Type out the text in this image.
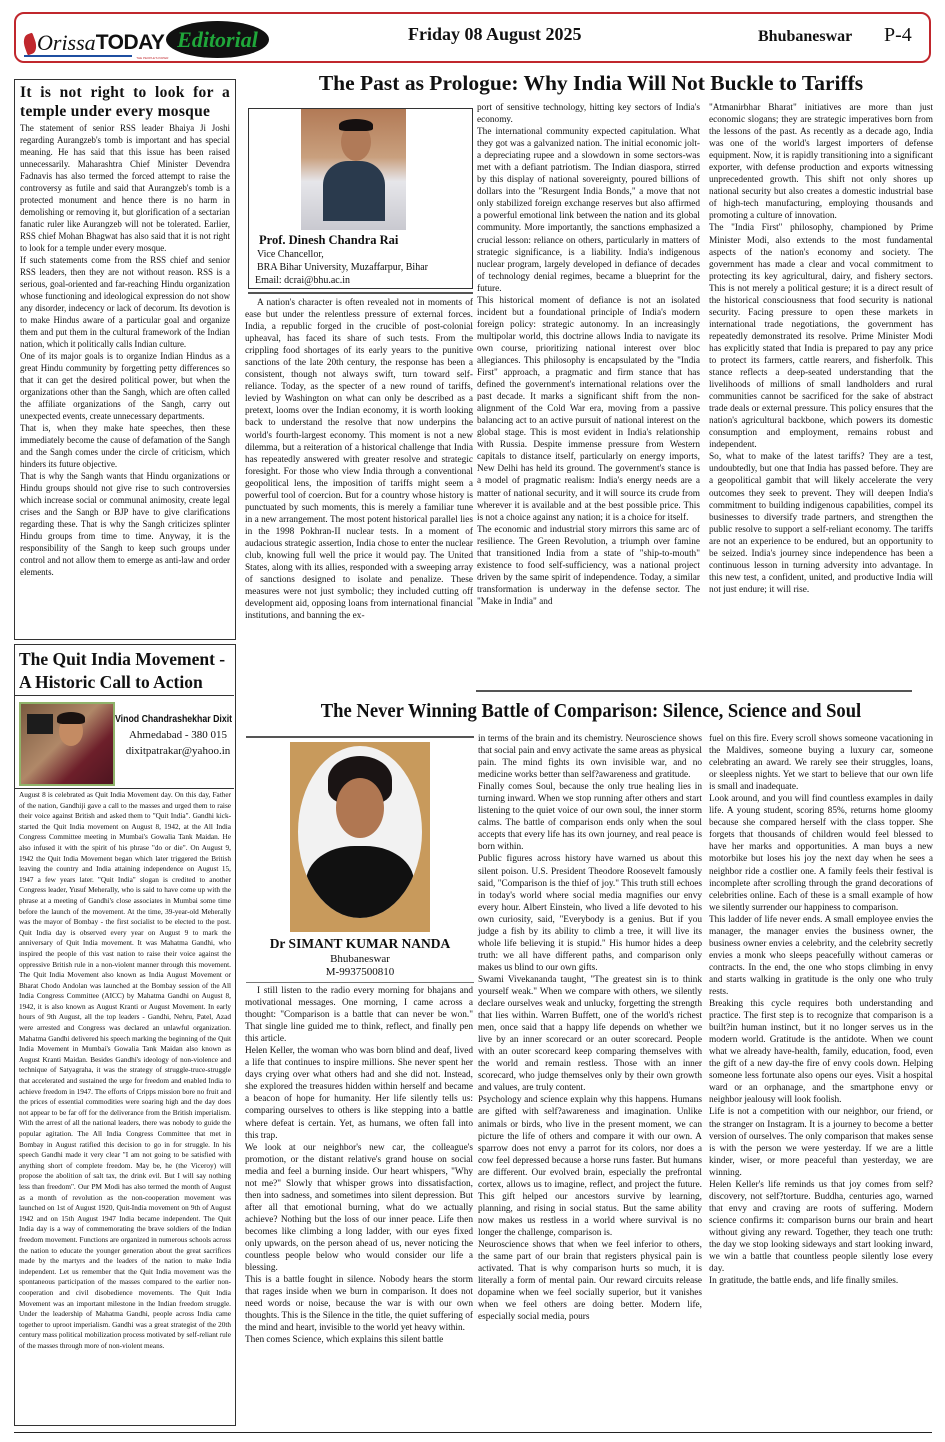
Orissa TODAY
THE PEOPLE'S PAPER
Editorial	Friday 08 August 2025	Bhubaneswar P-4
It is not right to look for a temple under every mosque

The statement of senior RSS leader Bhaiya Ji Joshi regarding Aurangzeb's tomb is important and has special meaning. He has said that this issue has been raised unnecessarily. Maharashtra Chief Minister Devendra Fadnavis has also termed the forced attempt to raise the controversy as futile and said that Aurangzeb's tomb is a protected monument and hence there is no harm in demolishing or removing it, but glorification of a sectarian fanatic ruler like Aurangzeb will not be tolerated. Earlier, RSS chief Mohan Bhagwat has also said that it is not right to look for a temple under every mosque.

If such statements come from the RSS chief and senior RSS leaders, then they are not without reason. RSS is a serious, goal-oriented and far-reaching Hindu organization whose functioning and ideological expression do not show any disorder, indecency or lack of decorum. Its devotion is to make Hindus aware of a particular goal and organize them and put them in the cultural framework of the Indian nation, which it politically calls Indian culture.

One of its major goals is to organize Indian Hindus as a great Hindu community by forgetting petty differences so that it can get the desired political power, but when the organizations other than the Sangh, which are often called the affiliate organizations of the Sangh, carry out unexpected events, create unnecessary departments.

That is, when they make hate speeches, then these immediately become the cause of defamation of the Sangh and the Sangh comes under the circle of criticism, which hinders its future objective.

That is why the Sangh wants that Hindu organizations or Hindu groups should not give rise to such controversies which increase social or communal animosity, create legal crises and the Sangh or BJP have to give clarifications regarding these. That is why the Sangh criticizes splinter Hindu groups from time to time. Anyway, it is the responsibility of the Sangh to keep such groups under control and not allow them to emerge as anti-law and order elements.

The Quit India Movement - A Historic Call to Action
Vinod Chandrashekhar Dixit
Ahmedabad - 380 015
dixitpatrakar@yahoo.in

August 8 is celebrated as Quit India Movement day. On this day, Father of the nation, Gandhiji gave a call to the masses and urged them to raise their voice against British and asked them to "Quit India". Gandhi kick-started the Quit India movement on August 8, 1942, at the All India Congress Committee meeting in Mumbai's Gowalia Tank Maidan. He also infused it with the spirit of his phrase "do or die". On August 9, 1942 the Quit India Movement began which later triggered the British leaving the country and India attaining independence on August 15, 1947 a few years later. "Quit India" slogan is credited to another Congress leader, Yusuf Meherally, who is said to have come up with the phrase at a meeting of Gandhi's close associates in Mumbai some time before the launch of the movement. At the time, 39-year-old Meherally was the mayor of Bombay - the first socialist to be elected to the post. Quit India day is observed every year on August 9 to mark the anniversary of Quit India movement. It was Mahatma Gandhi, who inspired the people of this vast nation to raise their voice against the oppressive British rule in a non-violent manner through this movement. The Quit India Movement also known as India August Movement or Bharat Chodo Andolan was launched at the Bombay session of the All India Congress Committee (AICC) by Mahatma Gandhi on August 8, 1942, it is also known as August Kranti or August Movement. In early hours of 9th August, all the top leaders - Gandhi, Nehru, Patel, Azad were arrested and Congress was declared an unlawful organization. Mahatma Gandhi delivered his speech marking the beginning of the Quit India Movement in Mumbai's Gowalia Tank Maidan also known as August Kranti Maidan. Besides Gandhi's ideology of non-violence and technique of Satyagraha, it was the strategy of struggle-truce-struggle that accelerated and sustained the urge for freedom and enabled India to achieve freedom in 1947. The efforts of Cripps mission bore no fruit and the prices of essential commodities were soaring high and the day does not appear to be far off for the deliverance from the British imperialism. With the arrest of all the national leaders, there was nobody to guide the popular agitation. The All India Congress Committee that met in Bombay in August ratified this decision to go in for struggle. In his speech Gandhi made it very clear "I am not going to be satisfied with anything short of complete freedom. May be, he (the Viceroy) will propose the abolition of salt tax, the drink evil. But I will say nothing less than freedom". Our PM Modi has also termed the month of August as a month of revolution as the non-cooperation movement was launched on 1st of August 1920, Quit-India movement on 9th of August 1942 and on 15th August 1947 India became independent. The Quit India day is a way of commemorating the brave soldiers of the Indian freedom movement. Functions are organized in numerous schools across the nation to educate the younger generation about the great sacrifices made by the martyrs and the leaders of the nation to make India independent. Let us remember that the Quit India movement was the spontaneous participation of the masses compared to the earlier non-cooperation and civil disobedience movements. The Quit India Movement was an important milestone in the Indian freedom struggle. Under the leadership of Mahatma Gandhi, people across India came together to uproot imperialism. Gandhi was a great strategist of the 20th century mass political mobilization process motivated by self-reliant rule of the masses through more of non-violent means.

The Past as Prologue: Why India Will Not Buckle to Tariffs
Prof. Dinesh Chandra Rai
Vice Chancellor,
BRA Bihar University, Muzaffarpur, Bihar
Email: dcrai@bhu.ac.in

A nation's character is often revealed not in moments of ease but under the relentless pressure of external forces. India, a republic forged in the crucible of post-colonial upheaval, has faced its share of such tests. From the crippling food shortages of its early years to the punitive sanctions of the late 20th century, the response has been a consistent, though not always swift, turn toward self-reliance. Today, as the specter of a new round of tariffs, levied by Washington on what can only be described as a pretext, looms over the Indian economy, it is worth looking back to understand the resolve that now underpins the world's fourth-largest economy. This moment is not a new dilemma, but a reiteration of a historical challenge that India has repeatedly answered with greater resolve and strategic foresight. For those who view India through a conventional geopolitical lens, the imposition of tariffs might seem a powerful tool of coercion. But for a country whose history is punctuated by such moments, this is merely a familiar tune in a new arrangement. The most potent historical parallel lies in the 1998 Pokhran-II nuclear tests. In a moment of audacious strategic assertion, India chose to enter the nuclear club, knowing full well the price it would pay. The United States, along with its allies, responded with a sweeping array of sanctions designed to isolate and penalize. These measures were not just symbolic; they included cutting off development aid, opposing loans from international financial institutions, and banning the ex-

port of sensitive technology, hitting key sectors of India's economy.

The international community expected capitulation. What they got was a galvanized nation. The initial economic jolt-a depreciating rupee and a slowdown in some sectors-was met with a defiant patriotism. The Indian diaspora, stirred by this display of national sovereignty, poured billions of dollars into the "Resurgent India Bonds," a move that not only stabilized foreign exchange reserves but also affirmed a powerful emotional link between the nation and its global community. More importantly, the sanctions emphasized a crucial lesson: reliance on others, particularly in matters of strategic significance, is a liability. India's indigenous nuclear program, largely developed in defiance of decades of technology denial regimes, became a blueprint for the future.

This historical moment of defiance is not an isolated incident but a foundational principle of India's modern foreign policy: strategic autonomy. In an increasingly multipolar world, this doctrine allows India to navigate its own course, prioritizing national interest over bloc allegiances. This philosophy is encapsulated by the "India First" approach, a pragmatic and firm stance that has defined the government's international relations over the past decade. It marks a significant shift from the non-alignment of the Cold War era, moving from a passive balancing act to an active pursuit of national interest on the global stage. This is most evident in India's relationship with Russia. Despite immense pressure from Western capitals to distance itself, particularly on energy imports, New Delhi has held its ground. The government's stance is a model of pragmatic realism: India's energy needs are a matter of national security, and it will source its crude from wherever it is available and at the best possible price. This is not a choice against any nation; it is a choice for itself.

The economic and industrial story mirrors this same arc of resilience. The Green Revolution, a triumph over famine that transitioned India from a state of "ship-to-mouth" existence to food self-sufficiency, was a national project driven by the same spirit of independence. Today, a similar transformation is underway in the defense sector. The "Make in India" and

"Atmanirbhar Bharat" initiatives are more than just economic slogans; they are strategic imperatives born from the lessons of the past. As recently as a decade ago, India was one of the world's largest importers of defense equipment. Now, it is rapidly transitioning into a significant exporter, with defense production and exports witnessing unprecedented growth. This shift not only shores up national security but also creates a domestic industrial base of high-tech manufacturing, employing thousands and promoting a culture of innovation.

The "India First" philosophy, championed by Prime Minister Modi, also extends to the most fundamental aspects of the nation's economy and society. The government has made a clear and vocal commitment to protecting its key agricultural, dairy, and fishery sectors. This is not merely a political gesture; it is a direct result of the historical consciousness that food security is national security. Facing pressure to open these markets in international trade negotiations, the government has repeatedly demonstrated its resolve. Prime Minister Modi has explicitly stated that India is prepared to pay any price to protect its farmers, cattle rearers, and fisherfolk. This stance reflects a deep-seated understanding that the livelihoods of millions of small landholders and rural communities cannot be sacrificed for the sake of abstract trade deals or external pressure. This policy ensures that the nation's agricultural backbone, which powers its domestic consumption and employment, remains robust and independent.

So, what to make of the latest tariffs? They are a test, undoubtedly, but one that India has passed before. They are a geopolitical gambit that will likely accelerate the very outcomes they seek to prevent. They will deepen India's commitment to building indigenous capabilities, compel its businesses to diversify trade partners, and strengthen the public resolve to support a self-reliant economy. The tariffs are not an experience to be endured, but an opportunity to be seized. India's journey since independence has been a continuous lesson in turning adversity into advantage. In this new test, a confident, united, and productive India will not just endure; it will rise.

The Never Winning Battle of Comparison: Silence, Science and Soul
Dr SIMANT KUMAR NANDA
Bhubaneswar
M-9937500810

I still listen to the radio every morning for bhajans and motivational messages. One morning, I came across a thought: "Comparison is a battle that can never be won." That single line guided me to think, reflect, and finally pen this article.

Helen Keller, the woman who was born blind and deaf, lived a life that continues to inspire millions. She never spent her days crying over what others had and she did not. Instead, she explored the treasures hidden within herself and became a beacon of hope for humanity. Her life silently tells us: comparing ourselves to others is like stepping into a battle where defeat is certain. Yet, as humans, we often fall into this trap.

We look at our neighbor's new car, the colleague's promotion, or the distant relative's grand house on social media and feel a burning inside. Our heart whispers, "Why not me?" Slowly that whisper grows into dissatisfaction, then into sadness, and sometimes into silent depression. But after all that emotional burning, what do we actually achieve? Nothing but the loss of our inner peace. Life then becomes like climbing a long ladder, with our eyes fixed only upwards, on the person ahead of us, never noticing the countless people below who would consider our life a blessing.

This is a battle fought in silence. Nobody hears the storm that rages inside when we burn in comparison. It does not need words or noise, because the war is with our own thoughts. This is the Silence in the title, the quiet suffering of the mind and heart, invisible to the world yet heavy within.

Then comes Science, which explains this silent battle

in terms of the brain and its chemistry. Neuroscience shows that social pain and envy activate the same areas as physical pain. The mind fights its own invisible war, and no medicine works better than self?awareness and gratitude.

Finally comes Soul, because the only true healing lies in turning inward. When we stop running after others and start listening to the quiet voice of our own soul, the inner storm calms. The battle of comparison ends only when the soul accepts that every life has its own journey, and real peace is born within.

Public figures across history have warned us about this silent poison. U.S. President Theodore Roosevelt famously said, "Comparison is the thief of joy." This truth still echoes in today's world where social media magnifies our envy every hour. Albert Einstein, who lived a life devoted to his own curiosity, said, "Everybody is a genius. But if you judge a fish by its ability to climb a tree, it will live its whole life believing it is stupid." His humor hides a deep truth: we all have different paths, and comparison only makes us blind to our own gifts.

Swami Vivekananda taught, "The greatest sin is to think yourself weak." When we compare with others, we silently declare ourselves weak and unlucky, forgetting the strength that lies within. Warren Buffett, one of the world's richest men, once said that a happy life depends on whether we live by an inner scorecard or an outer scorecard. People with an outer scorecard keep comparing themselves with the world and remain restless. Those with an inner scorecard, who judge themselves only by their own growth and values, are truly content.

Psychology and science explain why this happens. Humans are gifted with self?awareness and imagination. Unlike animals or birds, who live in the present moment, we can picture the life of others and compare it with our own. A sparrow does not envy a parrot for its colors, nor does a cow feel depressed because a horse runs faster. But humans are different. Our evolved brain, especially the prefrontal cortex, allows us to imagine, reflect, and project the future. This gift helped our ancestors survive by learning, planning, and rising in social status. But the same ability now makes us restless in a world where survival is no longer the challenge, comparison is.

Neuroscience shows that when we feel inferior to others, the same part of our brain that registers physical pain is activated. That is why comparison hurts so much, it is literally a form of mental pain. Our reward circuits release dopamine when we feel socially superior, but it vanishes when we feel others are doing better. Modern life, especially social media, pours

fuel on this fire. Every scroll shows someone vacationing in the Maldives, someone buying a luxury car, someone celebrating an award. We rarely see their struggles, loans, or sleepless nights. Yet we start to believe that our own life is small and inadequate.

Look around, and you will find countless examples in daily life. A young student, scoring 85%, returns home gloomy because she compared herself with the class topper. She forgets that thousands of children would feel blessed to have her marks and opportunities. A man buys a new motorbike but loses his joy the next day when he sees a neighbor ride a costlier one. A family feels their festival is incomplete after scrolling through the grand decorations of celebrities online. Each of these is a small example of how we silently surrender our happiness to comparison.

This ladder of life never ends. A small employee envies the manager, the manager envies the business owner, the business owner envies a celebrity, and the celebrity secretly envies a monk who sleeps peacefully without cameras or contracts. In the end, the one who stops climbing in envy and starts walking in gratitude is the only one who truly rests.

Breaking this cycle requires both understanding and practice. The first step is to recognize that comparison is a built?in human instinct, but it no longer serves us in the modern world. Gratitude is the antidote. When we count what we already have-health, family, education, food, even the gift of a new day-the fire of envy cools down. Helping someone less fortunate also opens our eyes. Visit a hospital ward or an orphanage, and the smartphone envy or neighbor jealousy will look foolish.

Life is not a competition with our neighbor, our friend, or the stranger on Instagram. It is a journey to become a better version of ourselves. The only comparison that makes sense is with the person we were yesterday. If we are a little kinder, wiser, or more peaceful than yesterday, we are winning.

Helen Keller's life reminds us that joy comes from self?discovery, not self?torture. Buddha, centuries ago, warned that envy and craving are roots of suffering. Modern science confirms it: comparison burns our brain and heart without giving any reward. Together, they teach one truth: the day we stop looking sideways and start looking inward, we win a battle that countless people silently lose every day.

In gratitude, the battle ends, and life finally smiles.
